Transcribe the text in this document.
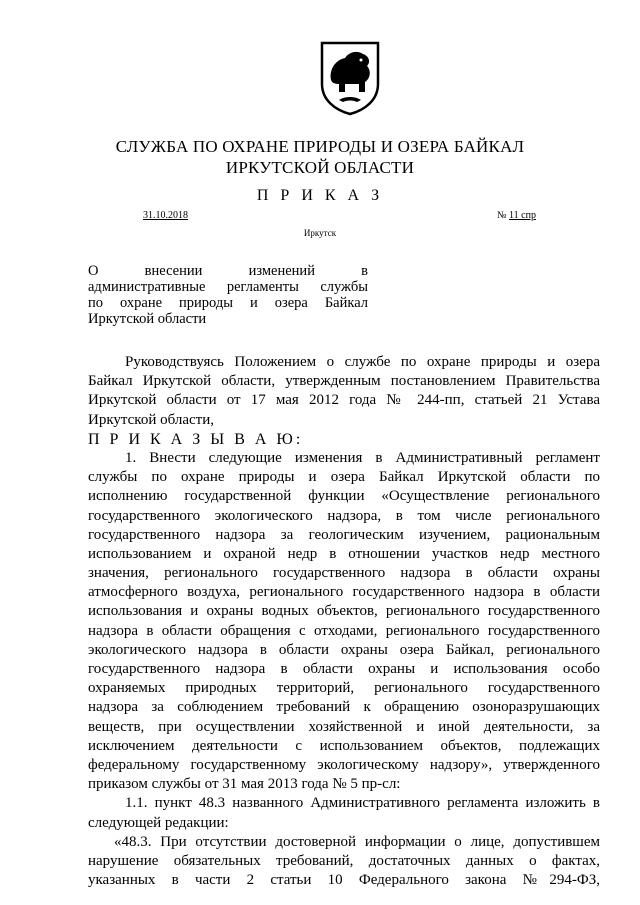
СЛУЖБА ПО ОХРАНЕ ПРИРОДЫ И ОЗЕРА БАЙКАЛ
ИРКУТСКОЙ ОБЛАСТИ
П Р И К А З
31.10.2018	№ 11 спр
Иркутск
О внесении изменений в
административные регламенты службы
по охране природы и озера Байкал
Иркутской области
Руководствуясь Положением о службе по охране природы и озера
Байкал Иркутской области, утвержденным постановлением Правительства
Иркутской области от 17 мая 2012 года № 244-пп, статьей 21 Устава
Иркутской области,
П Р И К А З Ы В А Ю:
1. Внести следующие изменения в Административный регламент
службы по охране природы и озера Байкал Иркутской области по
исполнению государственной функции «Осуществление регионального
государственного экологического надзора, в том числе регионального
государственного надзора за геологическим изучением, рациональным
использованием и охраной недр в отношении участков недр местного
значения, регионального государственного надзора в области охраны
атмосферного воздуха, регионального государственного надзора в области
использования и охраны водных объектов, регионального государственного
надзора в области обращения с отходами, регионального государственного
экологического надзора в области охраны озера Байкал, регионального
государственного надзора в области охраны и использования особо
охраняемых природных территорий, регионального государственного
надзора за соблюдением требований к обращению озоноразрушающих
веществ, при осуществлении хозяйственной и иной деятельности, за
исключением деятельности с использованием объектов, подлежащих
федеральному государственному экологическому надзору», утвержденного
приказом службы от 31 мая 2013 года № 5 пр-сл:
1.1. пункт 48.3 названного Административного регламента изложить в
следующей редакции:
«48.3. При отсутствии достоверной информации о лице, допустившем
нарушение обязательных требований, достаточных данных о фактах,
указанных в части 2 статьи 10 Федерального закона №294-ФЗ,
